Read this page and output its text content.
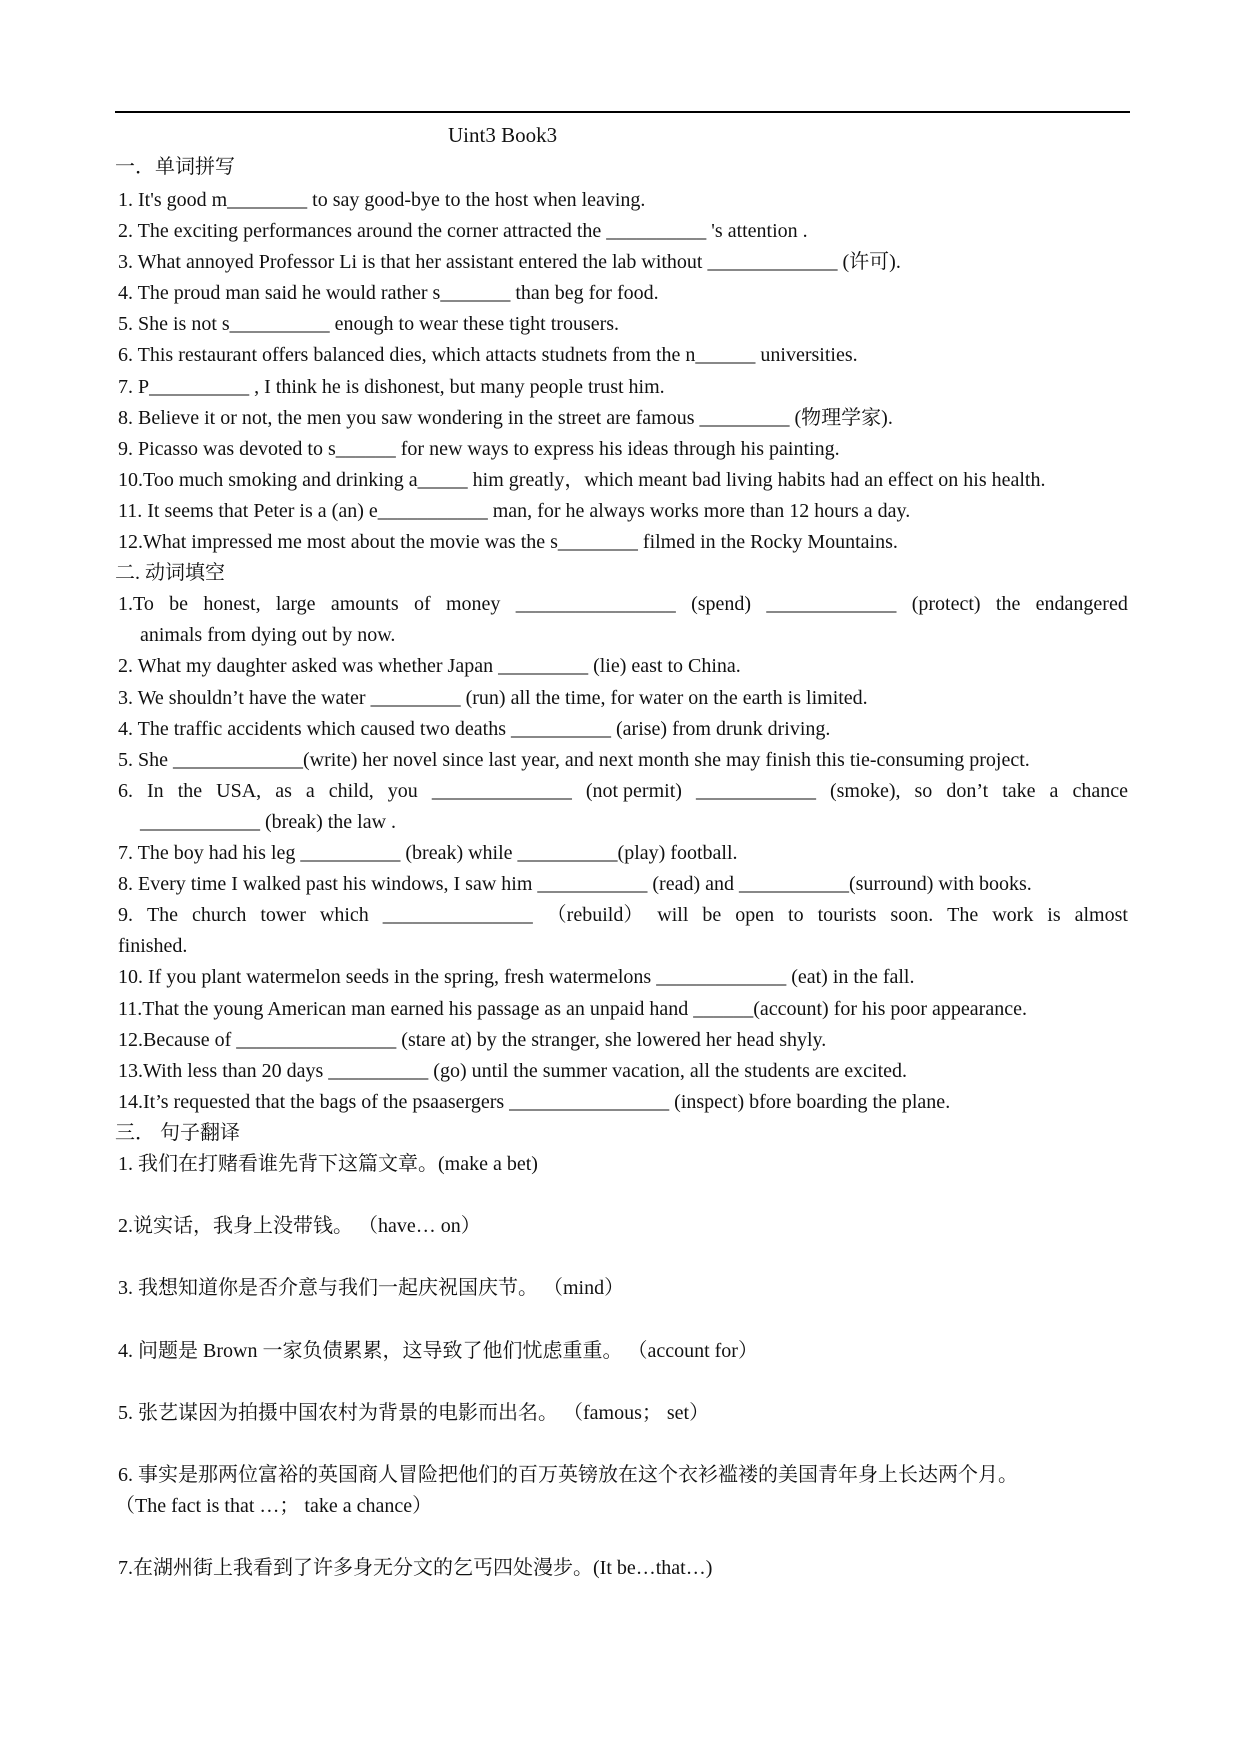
Uint3 Book3
一．单词拼写
1. It's good m________ to say good-bye to the host when leaving.
2. The exciting performances around the corner attracted the __________ 's attention .
3. What annoyed Professor Li is that her assistant entered the lab without _____________ (许可).
4. The proud man said he would rather s_______ than beg for food.
5. She is not s__________ enough to wear these tight trousers.
6. This restaurant offers balanced dies, which attacts studnets from the n______ universities.
7. P__________ , I think he is dishonest, but many people trust him.
8. Believe it or not, the men you saw wondering in the street are famous _________ (物理学家).
9. Picasso was devoted to s______ for new ways to express his ideas through his painting.
10.Too much smoking and drinking a_____ him greatly，which meant bad living habits had an effect on his health.
11. It seems that Peter is a (an) e___________ man, for he always works more than 12 hours a day.
12.What impressed me most about the movie was the s________ filmed in the Rocky Mountains.
二. 动词填空
1.To be honest, large amounts of money ________________ (spend) _____________ (protect) the endangered
animals from dying out by now.
2. What my daughter asked was whether Japan _________ (lie) east to China.
3. We shouldn’t have the water _________ (run) all the time, for water on the earth is limited.
4. The traffic accidents which caused two deaths __________ (arise) from drunk driving.
5. She _____________(write) her novel since last year, and next month she may finish this tie-consuming project.
6. In the USA, as a child, you ______________ (not permit) ____________ (smoke), so don’t take a chance
____________ (break) the law .
7. The boy had his leg __________ (break) while __________(play) football.
8. Every time I walked past his windows, I saw him ___________ (read) and ___________(surround) with books.
9. The church tower which _______________ （rebuild） will be open to tourists soon. The work is almost
finished.
10. If you plant watermelon seeds in the spring, fresh watermelons _____________ (eat) in the fall.
11.That the young American man earned his passage as an unpaid hand ______(account) for his poor appearance.
12.Because of ________________ (stare at) by the stranger, she lowered her head shyly.
13.With less than 20 days __________ (go) until the summer vacation, all the students are excited.
14.It’s requested that the bags of the psaasergers ________________ (inspect) bfore boarding the plane.
三． 句子翻译
1. 我们在打赌看谁先背下这篇文章。(make a bet)
2.说实话，我身上没带钱。 （have… on）
3. 我想知道你是否介意与我们一起庆祝国庆节。 （mind）
4. 问题是 Brown 一家负债累累，这导致了他们忧虑重重。 （account for）
5. 张艺谋因为拍摄中国农村为背景的电影而出名。 （famous； set）
6. 事实是那两位富裕的英国商人冒险把他们的百万英镑放在这个衣衫褴褛的美国青年身上长达两个月。
（The fact is that …； take a chance）
7.在湖州街上我看到了许多身无分文的乞丐四处漫步。(It be…that…)
